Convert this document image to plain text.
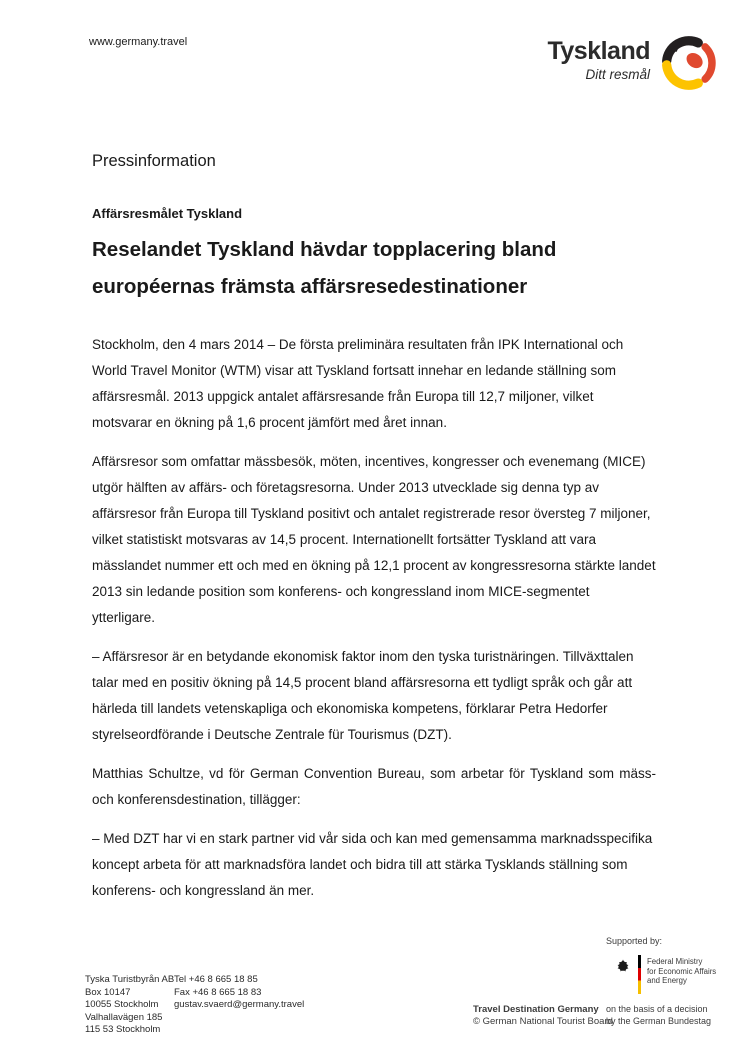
www.germany.travel	Tyskland
Ditt resmål
Pressinformation
Affärsresmålet Tyskland
Reselandet Tyskland hävdar topplacering bland européernas främsta affärsresedestinationer

Stockholm, den 4 mars 2014 – De första preliminära resultaten från IPK International och World Travel Monitor (WTM) visar att Tyskland fortsatt innehar en ledande ställning som affärsresmål. 2013 uppgick antalet affärsresande från Europa till 12,7 miljoner, vilket motsvarar en ökning på 1,6 procent jämfört med året innan.

Affärsresor som omfattar mässbesök, möten, incentives, kongresser och evenemang (MICE) utgör hälften av affärs- och företagsresorna. Under 2013 utvecklade sig denna typ av affärsresor från Europa till Tyskland positivt och antalet registrerade resor översteg 7 miljoner, vilket statistiskt motsvaras av 14,5 procent. Internationellt fortsätter Tyskland att vara mässlandet nummer ett och med en ökning på 12,1 procent av kongressresorna stärkte landet 2013 sin ledande position som konferens- och kongressland inom MICE-segmentet ytterligare.

– Affärsresor är en betydande ekonomisk faktor inom den tyska turistnäringen. Tillväxttalen talar med en positiv ökning på 14,5 procent bland affärsresorna ett tydligt språk och går att härleda till landets vetenskapliga och ekonomiska kompetens, förklarar Petra Hedorfer styrelseordförande i Deutsche Zentrale für Tourismus (DZT).

Matthias Schultze, vd för German Convention Bureau, som arbetar för Tyskland som mäss- och konferensdestination, tillägger:

– Med DZT har vi en stark partner vid vår sida och kan med gemensamma marknadsspecifika koncept arbeta för att marknadsföra landet och bidra till att stärka Tysklands ställning som konferens- och kongressland än mer.

Tyska Turistbyrån AB
Box 10147
10055 Stockholm
Valhallavägen 185
115 53 Stockholm
Tel +46 8 665 18 85
Fax +46 8 665 18 83
gustav.svaerd@germany.travel
Supported by:
Federal Ministry
for Economic Affairs
and Energy
Travel Destination Germany
© German National Tourist Board
on the basis of a decision
by the German Bundestag
